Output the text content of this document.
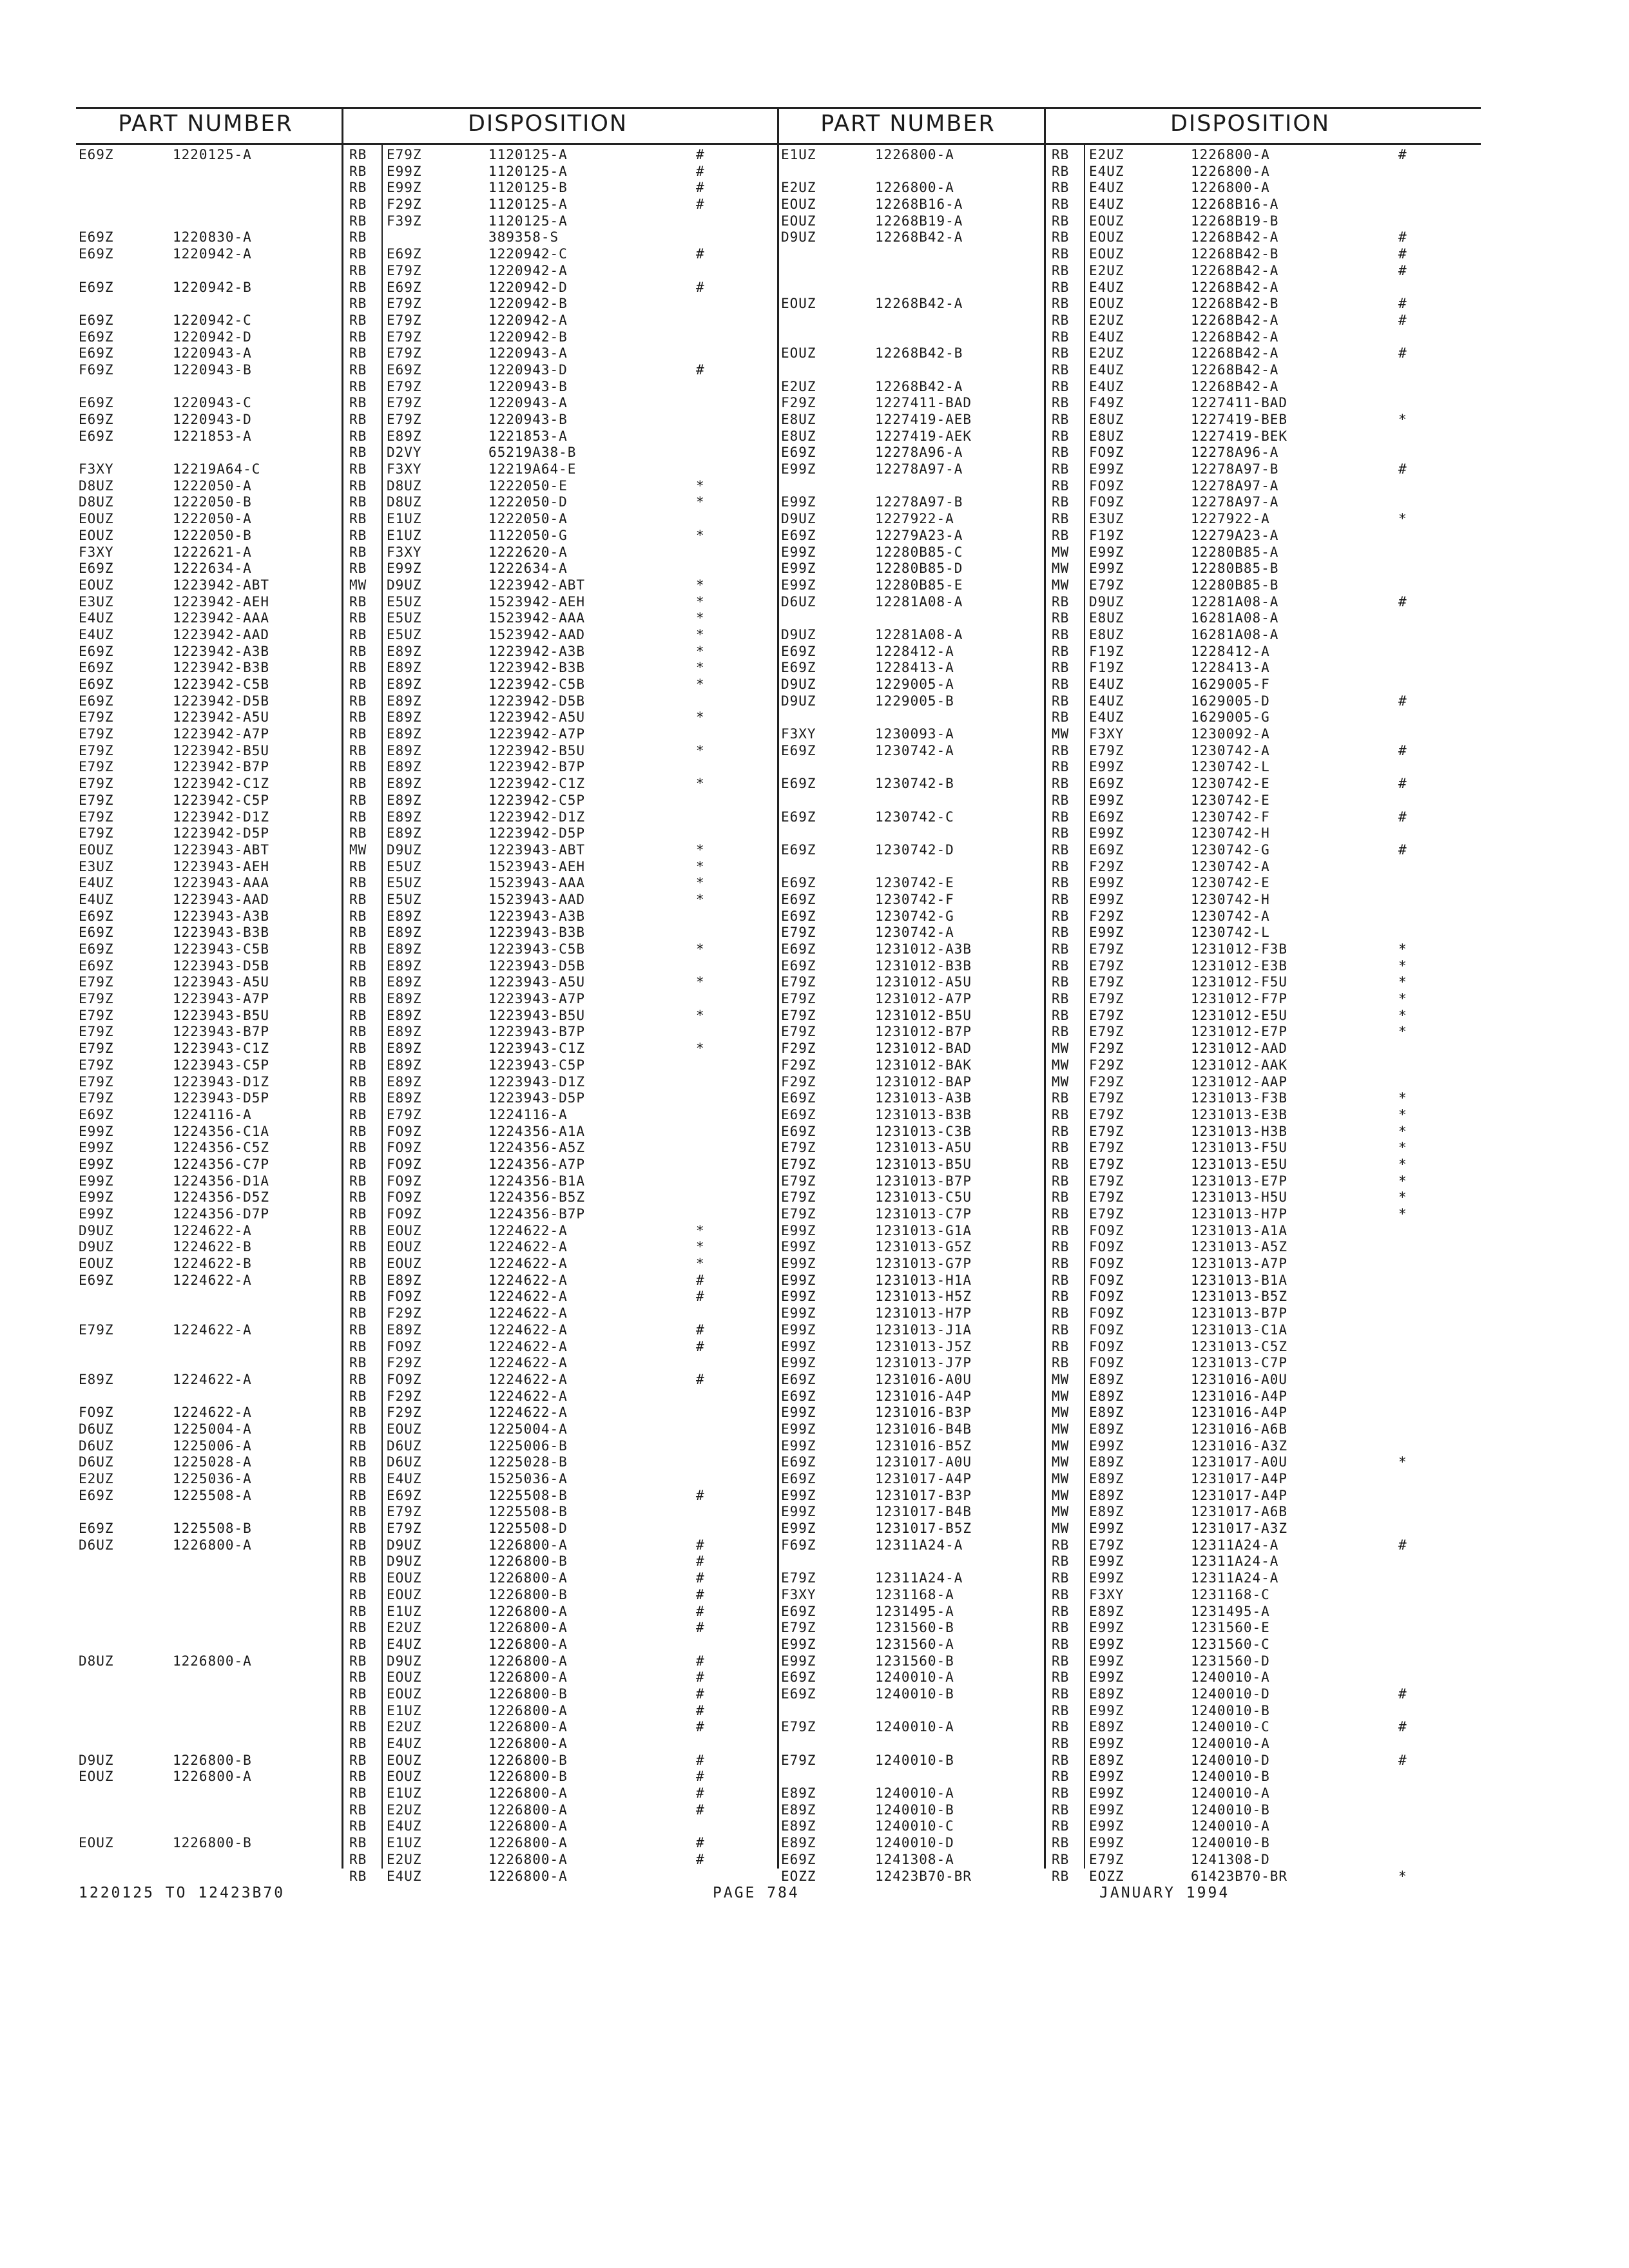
PART NUMBER	DISPOSITION
E69Z	1220125-A	RB E79Z	1120125-A	#
RB E99Z	1120125-A	#
RB E99Z	1120125-B	#
RB F29Z	1120125-A	#
RB F39Z	1120125-A
E69Z	1220830-A	RB	389358-S
E69Z	1220942-A	RB E69Z	1220942-C	#
RB E79Z	1220942-A
E69Z	1220942-B	RB E69Z	1220942-D	#
RB E79Z	1220942-B
E69Z	1220942-C	RB E79Z	1220942-A
E69Z	1220942-D	RB E79Z	1220942-B
E69Z	1220943-A	RB E79Z	1220943-A
F69Z	1220943-B	RB E69Z	1220943-D	#
RB E79Z	1220943-B
E69Z	1220943-C	RB E79Z	1220943-A
E69Z	1220943-D	RB E79Z	1220943-B
E69Z	1221853-A	RB E89Z	1221853-A
RB D2VY	65219A38-B
F3XY	12219A64-C	RB F3XY	12219A64-E
D8UZ	1222050-A	RB D8UZ	1222050-E	*
D8UZ	1222050-B	RB D8UZ	1222050-D	*
EOUZ	1222050-A	RB E1UZ	1222050-A
EOUZ	1222050-B	RB E1UZ	1122050-G	*
F3XY	1222621-A	RB F3XY	1222620-A
E69Z	1222634-A	RB E99Z	1222634-A
EOUZ	1223942-ABT	MW D9UZ	1223942-ABT	*
E3UZ	1223942-AEH	RB E5UZ	1523942-AEH	*
E4UZ	1223942-AAA	RB E5UZ	1523942-AAA	*
E4UZ	1223942-AAD	RB E5UZ	1523942-AAD	*
E69Z	1223942-A3B	RB E89Z	1223942-A3B	*
E69Z	1223942-B3B	RB E89Z	1223942-B3B	*
E69Z	1223942-C5B	RB E89Z	1223942-C5B	*
E69Z	1223942-D5B	RB E89Z	1223942-D5B
E79Z	1223942-A5U	RB E89Z	1223942-A5U	*
E79Z	1223942-A7P	RB E89Z	1223942-A7P
E79Z	1223942-B5U	RB E89Z	1223942-B5U	*
E79Z	1223942-B7P	RB E89Z	1223942-B7P
E79Z	1223942-C1Z	RB E89Z	1223942-C1Z	*
E79Z	1223942-C5P	RB E89Z	1223942-C5P
E79Z	1223942-D1Z	RB E89Z	1223942-D1Z
E79Z	1223942-D5P	RB E89Z	1223942-D5P
EOUZ	1223943-ABT	MW D9UZ	1223943-ABT	*
E3UZ	1223943-AEH	RB E5UZ	1523943-AEH	*
E4UZ	1223943-AAA	RB E5UZ	1523943-AAA	*
E4UZ	1223943-AAD	RB E5UZ	1523943-AAD	*
E69Z	1223943-A3B	RB E89Z	1223943-A3B
E69Z	1223943-B3B	RB E89Z	1223943-B3B
E69Z	1223943-C5B	RB E89Z	1223943-C5B	*
E69Z	1223943-D5B	RB E89Z	1223943-D5B
E79Z	1223943-A5U	RB E89Z	1223943-A5U	*
E79Z	1223943-A7P	RB E89Z	1223943-A7P
E79Z	1223943-B5U	RB E89Z	1223943-B5U	*
E79Z	1223943-B7P	RB E89Z	1223943-B7P
E79Z	1223943-C1Z	RB E89Z	1223943-C1Z	*
E79Z	1223943-C5P	RB E89Z	1223943-C5P
E79Z	1223943-D1Z	RB E89Z	1223943-D1Z
E79Z	1223943-D5P	RB E89Z	1223943-D5P
E69Z	1224116-A	RB E79Z	1224116-A
E99Z	1224356-C1A	RB FO9Z	1224356-A1A
E99Z	1224356-C5Z	RB FO9Z	1224356-A5Z
E99Z	1224356-C7P	RB FO9Z	1224356-A7P
E99Z	1224356-D1A	RB FO9Z	1224356-B1A
E99Z	1224356-D5Z	RB FO9Z	1224356-B5Z
E99Z	1224356-D7P	RB FO9Z	1224356-B7P
D9UZ	1224622-A	RB EOUZ	1224622-A	*
D9UZ	1224622-B	RB EOUZ	1224622-A	*
EOUZ	1224622-B	RB EOUZ	1224622-A	*
E69Z	1224622-A	RB E89Z	1224622-A	#
RB FO9Z	1224622-A	#
RB F29Z	1224622-A
E79Z	1224622-A	RB E89Z	1224622-A	#
RB FO9Z	1224622-A	#
RB F29Z	1224622-A
E89Z	1224622-A	RB FO9Z	1224622-A	#
RB F29Z	1224622-A
FO9Z	1224622-A	RB F29Z	1224622-A
D6UZ	1225004-A	RB EOUZ	1225004-A
D6UZ	1225006-A	RB D6UZ	1225006-B
D6UZ	1225028-A	RB D6UZ	1225028-B
E2UZ	1225036-A	RB E4UZ	1525036-A
E69Z	1225508-A	RB E69Z	1225508-B	#
RB E79Z	1225508-B
E69Z	1225508-B	RB E79Z	1225508-D
D6UZ	1226800-A	RB D9UZ	1226800-A	#
RB D9UZ	1226800-B	#
RB EOUZ	1226800-A	#
RB EOUZ	1226800-B	#
RB E1UZ	1226800-A	#
RB E2UZ	1226800-A	#
RB E4UZ	1226800-A
D8UZ	1226800-A	RB D9UZ	1226800-A	#
RB EOUZ	1226800-A	#
RB EOUZ	1226800-B	#
RB E1UZ	1226800-A	#
RB E2UZ	1226800-A	#
RB E4UZ	1226800-A
D9UZ	1226800-B	RB EOUZ	1226800-B	#
EOUZ	1226800-A	RB EOUZ	1226800-B	#
RB E1UZ	1226800-A	#
RB E2UZ	1226800-A	#
RB E4UZ	1226800-A
EOUZ	1226800-B	RB E1UZ	1226800-A	#
RB E2UZ	1226800-A	#
RB E4UZ	1226800-A
PART NUMBER	DISPOSITION
E1UZ	1226800-A	RB E2UZ	1226800-A	#
RB E4UZ	1226800-A
E2UZ	1226800-A	RB E4UZ	1226800-A
EOUZ	12268B16-A	RB E4UZ	12268B16-A
EOUZ	12268B19-A	RB EOUZ	12268B19-B
D9UZ	12268B42-A	RB EOUZ	12268B42-A	#
RB EOUZ	12268B42-B	#
RB E2UZ	12268B42-A	#
RB E4UZ	12268B42-A
EOUZ	12268B42-A	RB EOUZ	12268B42-B	#
RB E2UZ	12268B42-A	#
RB E4UZ	12268B42-A
EOUZ	12268B42-B	RB E2UZ	12268B42-A	#
RB E4UZ	12268B42-A
E2UZ	12268B42-A	RB E4UZ	12268B42-A
F29Z	1227411-BAD	RB F49Z	1227411-BAD
E8UZ	1227419-AEB	RB E8UZ	1227419-BEB	*
E8UZ	1227419-AEK	RB E8UZ	1227419-BEK
E69Z	12278A96-A	RB FO9Z	12278A96-A
E99Z	12278A97-A	RB E99Z	12278A97-B	#
RB FO9Z	12278A97-A
E99Z	12278A97-B	RB FO9Z	12278A97-A
D9UZ	1227922-A	RB E3UZ	1227922-A	*
E69Z	12279A23-A	RB F19Z	12279A23-A
E99Z	12280B85-C	MW E99Z	12280B85-A
E99Z	12280B85-D	MW E99Z	12280B85-B
E99Z	12280B85-E	MW E79Z	12280B85-B
D6UZ	12281A08-A	RB D9UZ	12281A08-A	#
RB E8UZ	16281A08-A
D9UZ	12281A08-A	RB E8UZ	16281A08-A
E69Z	1228412-A	RB F19Z	1228412-A
E69Z	1228413-A	RB F19Z	1228413-A
D9UZ	1229005-A	RB E4UZ	1629005-F
D9UZ	1229005-B	RB E4UZ	1629005-D	#
RB E4UZ	1629005-G
F3XY	1230093-A	MW F3XY	1230092-A
E69Z	1230742-A	RB E79Z	1230742-A	#
RB E99Z	1230742-L
E69Z	1230742-B	RB E69Z	1230742-E	#
RB E99Z	1230742-E
E69Z	1230742-C	RB E69Z	1230742-F	#
RB E99Z	1230742-H
E69Z	1230742-D	RB E69Z	1230742-G	#
RB F29Z	1230742-A
E69Z	1230742-E	RB E99Z	1230742-E
E69Z	1230742-F	RB E99Z	1230742-H
E69Z	1230742-G	RB F29Z	1230742-A
E79Z	1230742-A	RB E99Z	1230742-L
E69Z	1231012-A3B	RB E79Z	1231012-F3B	*
E69Z	1231012-B3B	RB E79Z	1231012-E3B	*
E79Z	1231012-A5U	RB E79Z	1231012-F5U	*
E79Z	1231012-A7P	RB E79Z	1231012-F7P	*
E79Z	1231012-B5U	RB E79Z	1231012-E5U	*
E79Z	1231012-B7P	RB E79Z	1231012-E7P	*
F29Z	1231012-BAD	MW F29Z	1231012-AAD
F29Z	1231012-BAK	MW F29Z	1231012-AAK
F29Z	1231012-BAP	MW F29Z	1231012-AAP
E69Z	1231013-A3B	RB E79Z	1231013-F3B	*
E69Z	1231013-B3B	RB E79Z	1231013-E3B	*
E69Z	1231013-C3B	RB E79Z	1231013-H3B	*
E79Z	1231013-A5U	RB E79Z	1231013-F5U	*
E79Z	1231013-B5U	RB E79Z	1231013-E5U	*
E79Z	1231013-B7P	RB E79Z	1231013-E7P	*
E79Z	1231013-C5U	RB E79Z	1231013-H5U	*
E79Z	1231013-C7P	RB E79Z	1231013-H7P	*
E99Z	1231013-G1A	RB FO9Z	1231013-A1A
E99Z	1231013-G5Z	RB FO9Z	1231013-A5Z
E99Z	1231013-G7P	RB FO9Z	1231013-A7P
E99Z	1231013-H1A	RB FO9Z	1231013-B1A
E99Z	1231013-H5Z	RB FO9Z	1231013-B5Z
E99Z	1231013-H7P	RB FO9Z	1231013-B7P
E99Z	1231013-J1A	RB FO9Z	1231013-C1A
E99Z	1231013-J5Z	RB FO9Z	1231013-C5Z
E99Z	1231013-J7P	RB FO9Z	1231013-C7P
E69Z	1231016-A0U	MW E89Z	1231016-A0U
E69Z	1231016-A4P	MW E89Z	1231016-A4P
E99Z	1231016-B3P	MW E89Z	1231016-A4P
E99Z	1231016-B4B	MW E89Z	1231016-A6B
E99Z	1231016-B5Z	MW E99Z	1231016-A3Z
E69Z	1231017-A0U	MW E89Z	1231017-A0U	*
E69Z	1231017-A4P	MW E89Z	1231017-A4P
E99Z	1231017-B3P	MW E89Z	1231017-A4P
E99Z	1231017-B4B	MW E89Z	1231017-A6B
E99Z	1231017-B5Z	MW E99Z	1231017-A3Z
F69Z	12311A24-A	RB E79Z	12311A24-A	#
RB E99Z	12311A24-A
E79Z	12311A24-A	RB E99Z	12311A24-A
F3XY	1231168-A	RB F3XY	1231168-C
E69Z	1231495-A	RB E89Z	1231495-A
E79Z	1231560-B	RB E99Z	1231560-E
E99Z	1231560-A	RB E99Z	1231560-C
E99Z	1231560-B	RB E99Z	1231560-D
E69Z	1240010-A	RB E99Z	1240010-A
E69Z	1240010-B	RB E89Z	1240010-D	#
RB E99Z	1240010-B
E79Z	1240010-A	RB E89Z	1240010-C	#
RB E99Z	1240010-A
E79Z	1240010-B	RB E89Z	1240010-D	#
RB E99Z	1240010-B
E89Z	1240010-A	RB E99Z	1240010-A
E89Z	1240010-B	RB E99Z	1240010-B
E89Z	1240010-C	RB E99Z	1240010-A
E89Z	1240010-D	RB E99Z	1240010-B
E69Z	1241308-A	RB E79Z	1241308-D
EOZZ	12423B70-BR	RB EOZZ	61423B70-BR	*
1220125 TO 12423B70	PAGE 784	JANUARY 1994
